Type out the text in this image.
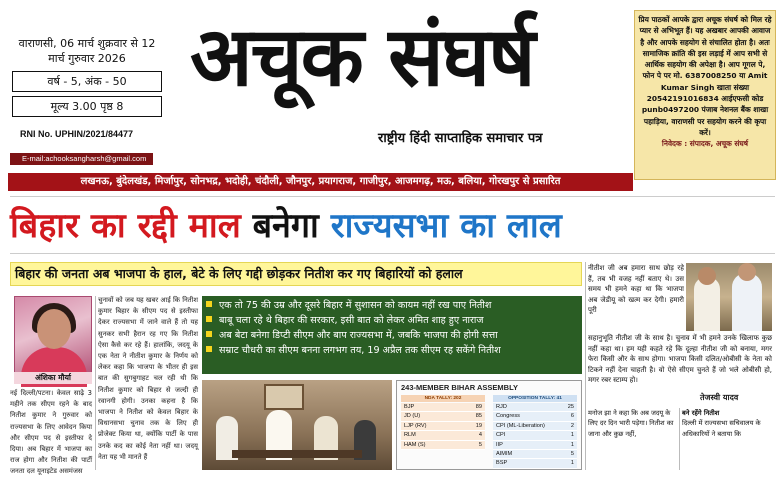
वाराणसी, 06 मार्च शुक्रवार से 12 मार्च गुरुवार 2026
वर्ष - 5, अंक - 50
मूल्य 3.00 पृष्ठ 8
RNI No. UPHIN/2021/84477
E-mail:achooksangharsh@gmail.com
अचूक संघर्ष
राष्ट्रीय हिंदी साप्ताहिक समाचार पत्र
प्रिय पाठकों आपके द्वारा अचूक संघर्ष को मिल रहे प्यार से अभिभूत हैं। यह अखबार आपकी आवाज है और आपके सहयोग से संचालित होता है। अतः सामाजिक क्रांति की इस लड़ाई में आप सभी से आर्थिक सहयोग की अपेक्षा है। आप गूगल पे, फोन पे पर मो. 6387008250 या Amit Kumar Singh खाता संख्या 20542191016834 आईएफसी कोड punb0497200 पंजाब नेशनल बैंक शाखा पहाड़िया, वाराणसी पर सहयोग करने की कृपा करें।
निवेदक : संपादक, अचूक संघर्ष
लखनऊ, बुंदेलखंड, मिर्जापुर, सोनभद्र, भदोही, चंदौली, जौनपुर, प्रयागराज, गाजीपुर, आजमगढ़, मऊ, बलिया, गोरखपुर से प्रसारित
बिहार का रद्दी माल बनेगा राज्यसभा का लाल
बिहार की जनता अब भाजपा के हाल, बेटे के लिए गद्दी छोड़कर नितीश कर गए बिहारियों को हलाल
अंशिका मौर्या
नई दिल्ली/पटना। केवल साढ़े 3 महीने तक सीएम रहने के बाद नितीश कुमार ने गुरुवार को राज्यसभा के लिए आवेदन किया और सीएम पद से इस्तीफा दे दिया। अब बिहार में भाजपा का राज होगा और नितीश की पार्टी जनता दल यूनाइटेड असमंजस
चुनावों को जब यह खबर आई कि नितीश कुमार बिहार के सीएम पद से इस्तीफा देकर राज्यसभा में जाने वाले हैं तो यह सुनकर सभी हैरान रह गए कि नितीश ऐसा कैसे कर रहे हैं। हालांकि, जदयू के एक नेता ने नीतीश कुमार के निर्णय को लेकर कहा कि भाजपा के भीतर ही इस बात की सुगबुगाहट चल रही थी कि नितीश कुमार को बिहार से जल्दी ही रवानगी होगी। उनका कहना है कि भाजपा ने नितीश को केवल बिहार के विधानसभा चुनाव तक के लिए ही प्रोजेक्ट किया था, क्योंकि पार्टी के पास उनके कद का कोई नेता नहीं था। जदयू नेता यह भी मानते हैं
एक तो 75 की उम्र और दूसरे बिहार में सुशासन को कायम नहीं रख पाए नितीश
बाबू चला रहे थे बिहार की सरकार, इसी बात को लेकर अमित शाह हुए नाराज
अब बेटा बनेगा डिप्टी सीएम और बाप राज्यसभा में, जबकि भाजपा की होगी सत्ता
सम्राट चौधरी का सीएम बनना लगभग तय, 19 अप्रैल तक सीएम रह सकेंगे नितीश
243-MEMBER BIHAR ASSEMBLY
NDA TALLY: 202	OPPOSITION TALLY: 41
BJP	89
JD (U)	85
LJP (RV)	19
RLM	4
HAM (S)	5
RJD	25
Congress	6
CPI (ML-Liberation)	2
CPI	1
IIP	1
AIMIM	5
BSP	1
नीतीश जी अब हमारा साथ छोड़ रहे हैं, तब भी वजह नहीं बताए थे। उस समय भी हमने कहा था कि भाजपा अब जेडीयू को खत्म कर देगी। हमारी पूरी
सहानुभूति नीतीश जी के साथ है। चुनाव में भी हमने उनके खिलाफ कुछ नहीं कहा था। हम यही कहते रहे कि दूल्हा नीतीश जी को बनाया, मगर फेरा किसी और के साथ होगा। भाजपा किसी दलित/ओबीसी के नेता को टिकने नहीं देना चाहती है। वो ऐसे सीएम चुनते हैं जो भले ओबीसी हो, मगर रबर स्टाम्प हो।
तेजस्वी यादव
मनोज झा ने कहा कि अब जदयू के लिए दर दिन भारी पड़ेगा। नितीश का जाना और कुछ नहीं,
बने रहेंगे नितीश
दिल्ली में राज्यसभा सचिवालय के अधिकारियों ने बताया कि
